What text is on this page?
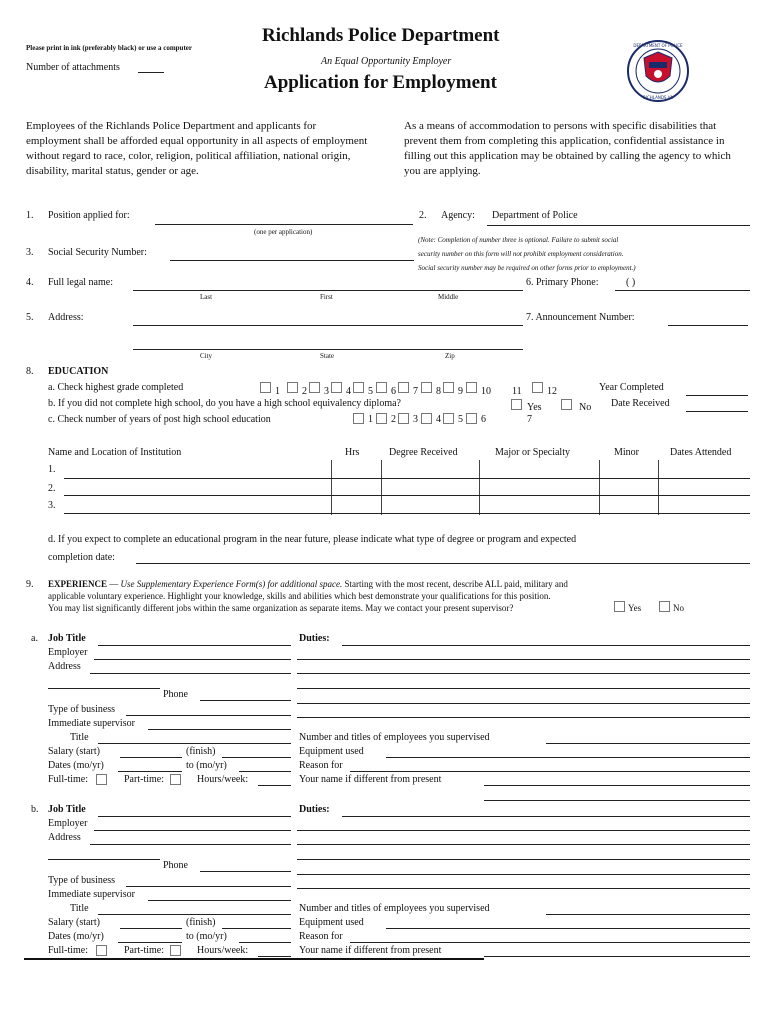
Please print in ink (preferably black) or use a computer
Number of attachments
Richlands Police Department
An Equal Opportunity Employer
Application for Employment
DEPARTMENT OF POLICE
RICHLANDS VA
Employees of the Richlands Police Department and applicants for employment shall be afforded equal opportunity in all aspects of employment without regard to race, color, religion, political affiliation, national origin, disability, marital status, gender or age.
As a means of accommodation to persons with specific disabilities that prevent them from completing this application, confidential assistance in filling out this application may be obtained by calling the agency to which you are applying.
1. Position applied for:
(one per application)
2. Agency: Department of Police
3. Social Security Number:
(Note: Completion of number three is optional. Failure to submit social
security number on this form will not prohibit employment consideration.
Social security number may be required on other forms prior to employment.)
4. Full legal name:
Last	First	Middle
6. Primary Phone:	( )
5. Address:	7. Announcement Number:
City	State	Zip
8. EDUCATION
a. Check highest grade completed
b. If you did not complete high school, do you have a high school equivalency diploma?
c. Check number of years of post high school education
1 2 3 4 5 6 7 8 9 10 11	12
1 2 3 4 5 6	7
Yes	No
Year Completed
Date Received
Name and Location of Institution	Hrs	Degree Received	Major or Specialty	Minor	Dates Attended
1.
2.
3.
d. If you expect to complete an educational program in the near future, please indicate what type of degree or program and expected
completion date:
9. EXPERIENCE — Use Supplementary Experience Form(s) for additional space. Starting with the most recent, describe ALL paid, military and
applicable voluntary experience. Highlight your knowledge, skills and abilities which best demonstrate your qualifications for this position.
You may list significantly different jobs within the same organization as separate items. May we contact your present supervisor?	Yes	No
a. Job Title
Employer
Address
Phone
Type of business
Immediate supervisor
Title
Salary (start)	(finish)
Dates (mo/yr)	to (mo/yr)
Full-time:	Part-time:	Hours/week:
Duties:
Number and titles of employees you supervised
Equipment used
Reason for
Your name if different from present
b. Job Title
Employer
Address
Phone
Type of business
Immediate supervisor
Title
Salary (start)	(finish)
Dates (mo/yr)	to (mo/yr)
Full-time:	Part-time:	Hours/week:
Duties:
Number and titles of employees you supervised
Equipment used
Reason for
Your name if different from present
